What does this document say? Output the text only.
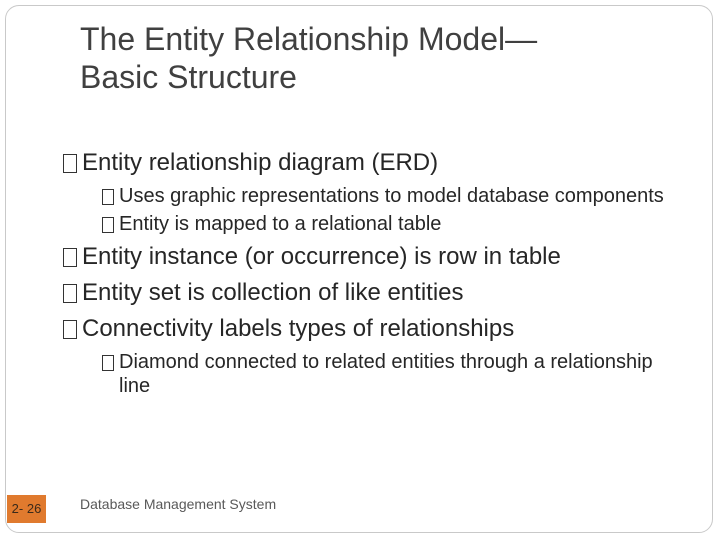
The Entity Relationship Model—
Basic Structure
Entity relationship diagram (ERD)
Uses graphic representations to model database components
Entity is mapped to a relational table
Entity instance (or occurrence) is row in table
Entity set is collection of like entities
Connectivity labels types of relationships
Diamond connected to related entities through a relationship line
2- 26	Database Management System
